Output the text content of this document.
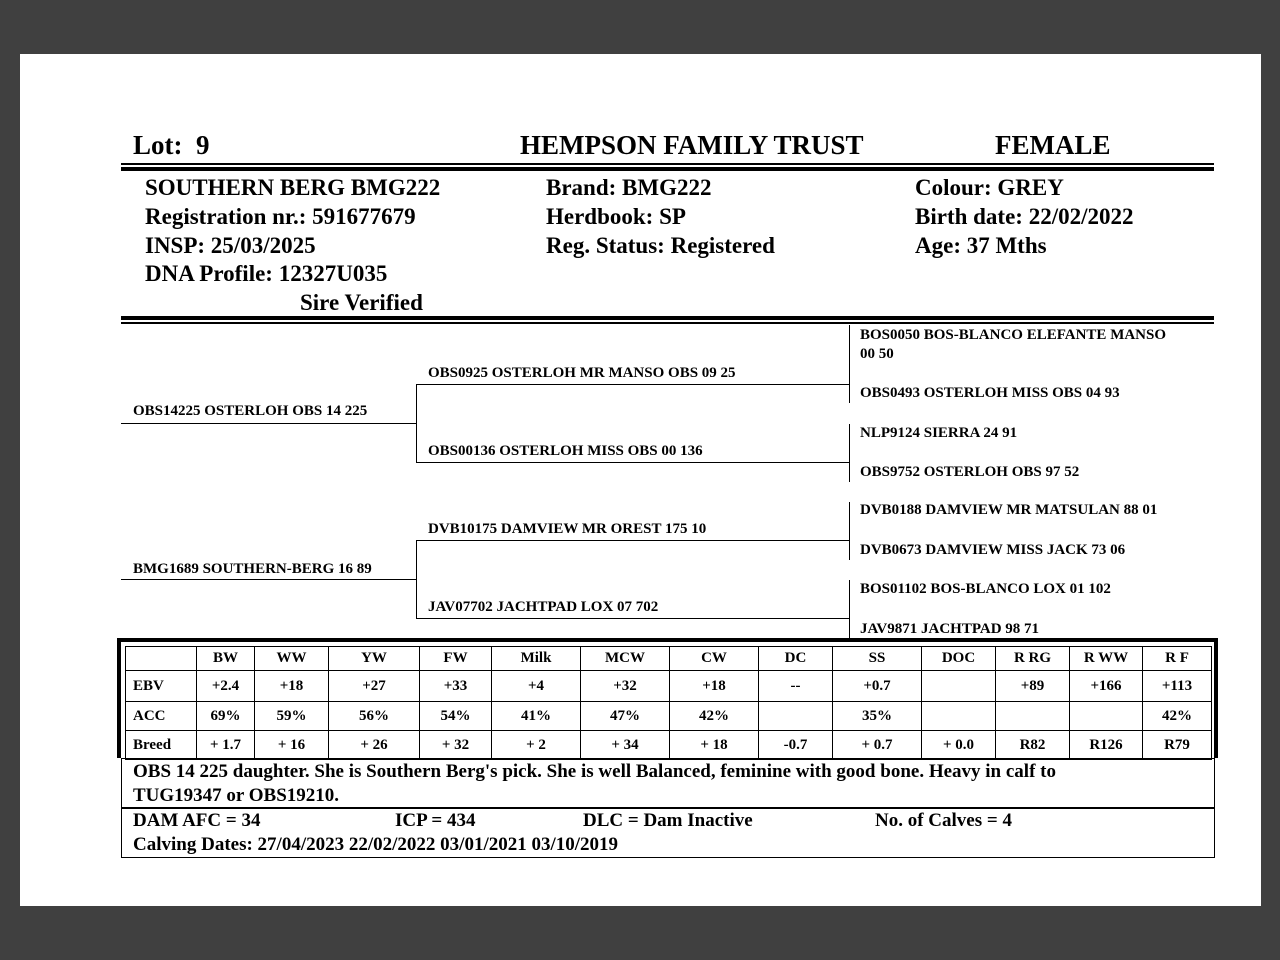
Lot: 9	HEMPSON FAMILY TRUST	FEMALE
SOUTHERN BERG BMG222
Registration nr.: 591677679
INSP: 25/03/2025
DNA Profile: 12327U035
Sire Verified
Brand: BMG222
Herdbook: SP
Reg. Status: Registered
Colour: GREY
Birth date: 22/02/2022
Age: 37 Mths
OBS14225 OSTERLOH OBS 14 225
BMG1689 SOUTHERN-BERG 16 89
OBS0925 OSTERLOH MR MANSO OBS 09 25
OBS00136 OSTERLOH MISS OBS 00 136
DVB10175 DAMVIEW MR OREST 175 10
JAV07702 JACHTPAD LOX 07 702
BOS0050 BOS-BLANCO ELEFANTE MANSO
00 50
OBS0493 OSTERLOH MISS OBS 04 93
NLP9124 SIERRA 24 91
OBS9752 OSTERLOH OBS 97 52
DVB0188 DAMVIEW MR MATSULAN 88 01
DVB0673 DAMVIEW MISS JACK 73 06
BOS01102 BOS-BLANCO LOX 01 102
JAV9871 JACHTPAD 98 71
	BW	WW	YW	FW	Milk	MCW	CW	DC	SS	DOC	R RG	R WW	R F
EBV	+2.4	+18	+27	+33	+4	+32	+18	--	+0.7		+89	+166	+113
ACC	69%	59%	56%	54%	41%	47%	42%		35%				42%
Breed	+ 1.7	+ 16	+ 26	+ 32	+ 2	+ 34	+ 18	-0.7	+ 0.7	+ 0.0	R82	R126	R79
OBS 14 225 daughter. She is Southern Berg's pick. She is well Balanced, feminine with good bone. Heavy in calf to
TUG19347 or OBS19210.
DAM AFC = 34	ICP = 434	DLC = Dam Inactive	No. of Calves = 4
Calving Dates: 27/04/2023 22/02/2022 03/01/2021 03/10/2019
